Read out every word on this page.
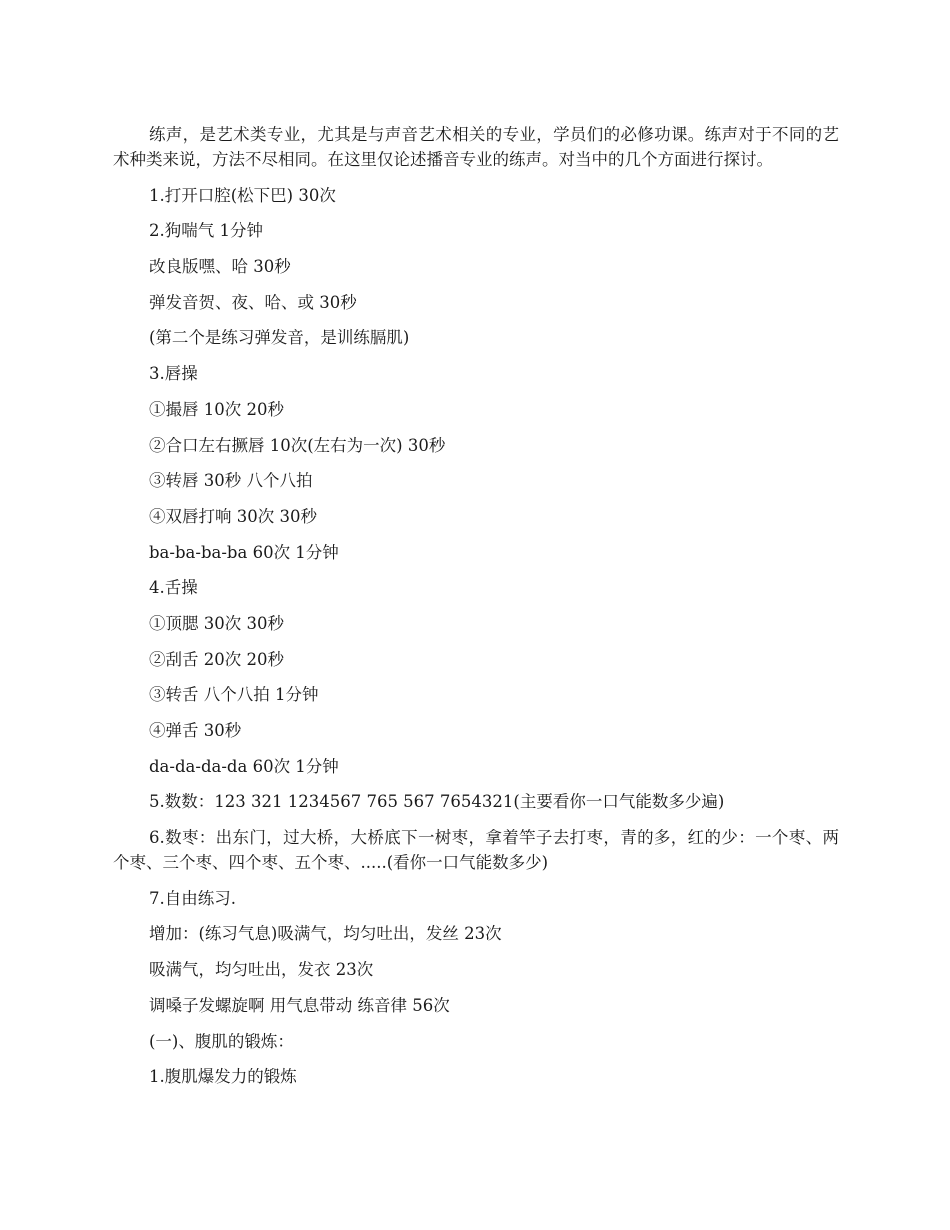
练声，是艺术类专业，尤其是与声音艺术相关的专业，学员们的必修功课。练声对于不同的艺术种类来说，方法不尽相同。在这里仅论述播音专业的练声。对当中的几个方面进行探讨。

1.打开口腔(松下巴) 30次

2.狗喘气 1分钟

改良版嘿、哈 30秒

弹发音贺、夜、哈、或 30秒

(第二个是练习弹发音，是训练膈肌)

3.唇操

①撮唇 10次 20秒

②合口左右撅唇 10次(左右为一次) 30秒

③转唇 30秒 八个八拍

④双唇打响 30次 30秒

ba-ba-ba-ba 60次 1分钟

4.舌操

①顶腮 30次 30秒

②刮舌 20次 20秒

③转舌 八个八拍 1分钟

④弹舌 30秒

da-da-da-da 60次 1分钟

5.数数：123 321 1234567 765 567 7654321(主要看你一口气能数多少遍)

6.数枣：出东门，过大桥，大桥底下一树枣，拿着竿子去打枣，青的多，红的少：一个枣、两个枣、三个枣、四个枣、五个枣、.....(看你一口气能数多少)

7.自由练习.

增加：(练习气息)吸满气，均匀吐出，发丝 23次

吸满气，均匀吐出，发衣 23次

调嗓子发螺旋啊 用气息带动 练音律 56次

(一)、腹肌的锻炼：

1.腹肌爆发力的锻炼
